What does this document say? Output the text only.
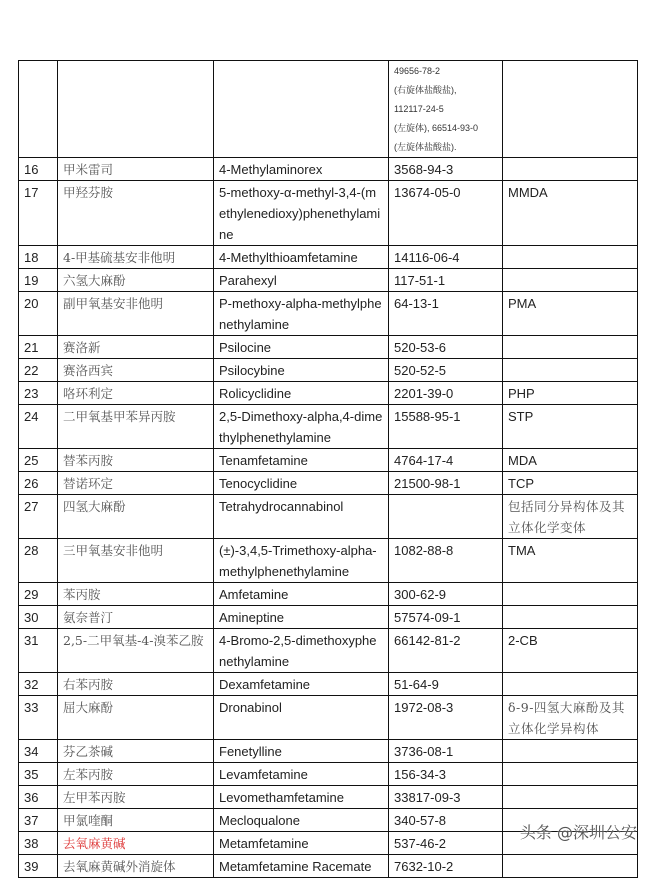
			49656-78-2
(右旋体盐酸盐),
112117-24-5
(左旋体), 66514-93-0
(左旋体盐酸盐).	

16	甲米雷司	4-Methylaminorex	3568-94-3	
17	甲羟芬胺	5-methoxy-α-methyl-3,4-(methylenedioxy)phenethylamine	13674-05-0	MMDA
18	4-甲基硫基安非他明	4-Methylthioamfetamine	14116-06-4	
19	六氢大麻酚	Parahexyl	117-51-1	
20	副甲氧基安非他明	P-methoxy-alpha-methylphenethylamine	64-13-1	PMA
21	赛洛新	Psilocine	520-53-6	
22	赛洛西宾	Psilocybine	520-52-5	
23	咯环利定	Rolicyclidine	2201-39-0	PHP
24	二甲氧基甲苯异丙胺	2,5-Dimethoxy-alpha,4-dimethylphenethylamine	15588-95-1	STP
25	替苯丙胺	Tenamfetamine	4764-17-4	MDA
26	替诺环定	Tenocyclidine	21500-98-1	TCP
27	四氢大麻酚	Tetrahydrocannabinol		包括同分异构体及其立体化学变体
28	三甲氧基安非他明	(±)-3,4,5-Trimethoxy-alpha-methylphenethylamine	1082-88-8	TMA
29	苯丙胺	Amfetamine	300-62-9	
30	氨奈普汀	Amineptine	57574-09-1	
31	2,5-二甲氧基-4-溴苯乙胺	4-Bromo-2,5-dimethoxyphenethylamine	66142-81-2	2-CB
32	右苯丙胺	Dexamfetamine	51-64-9	
33	屈大麻酚	Dronabinol	1972-08-3	δ-9-四氢大麻酚及其立体化学异构体
34	芬乙茶碱	Fenetylline	3736-08-1	
35	左苯丙胺	Levamfetamine	156-34-3	
36	左甲苯丙胺	Levomethamfetamine	33817-09-3	
37	甲氯喹酮	Mecloqualone	340-57-8	
38	去氧麻黄碱	Metamfetamine	537-46-2	
39	去氧麻黄碱外消旋体	Metamfetamine Racemate	7632-10-2	
头条 @深圳公安
